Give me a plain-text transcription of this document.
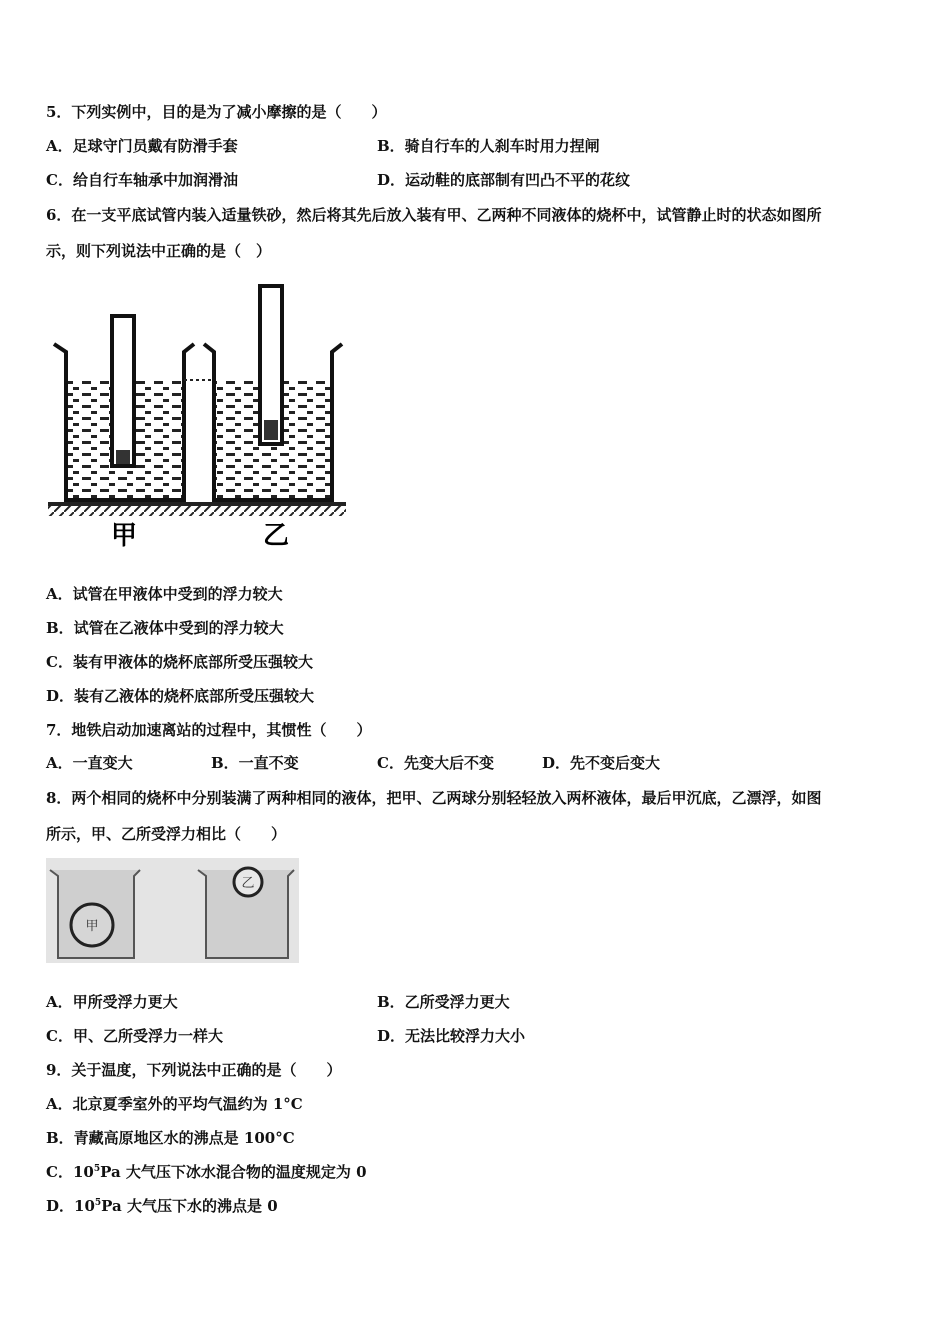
5．下列实例中，目的是为了减小摩擦的是（　　）
A．足球守门员戴有防滑手套	B．骑自行车的人刹车时用力捏闸
C．给自行车轴承中加润滑油	D．运动鞋的底部制有凹凸不平的花纹
6．在一支平底试管内装入适量铁砂，然后将其先后放入装有甲、乙两种不同液体的烧杯中，试管静止时的状态如图所
示，则下列说法中正确的是（　）
甲	乙
A．试管在甲液体中受到的浮力较大
B．试管在乙液体中受到的浮力较大
C．装有甲液体的烧杯底部所受压强较大
D．装有乙液体的烧杯底部所受压强较大
7．地铁启动加速离站的过程中，其惯性（　　）
A．一直变大	B．一直不变	C．先变大后不变	D．先不变后变大
8．两个相同的烧杯中分别装满了两种相同的液体，把甲、乙两球分别轻轻放入两杯液体，最后甲沉底，乙漂浮，如图
所示，甲、乙所受浮力相比（　　）
甲
乙
A．甲所受浮力更大	B．乙所受浮力更大
C．甲、乙所受浮力一样大	D．无法比较浮力大小
9．关于温度，下列说法中正确的是（　　）
A．北京夏季室外的平均气温约为 1°C
B．青藏高原地区水的沸点是 100°C
C．$10^5Pa$ 大气压下冰水混合物的温度规定为 0
D．$10^5Pa$ 大气压下水的沸点是 0
